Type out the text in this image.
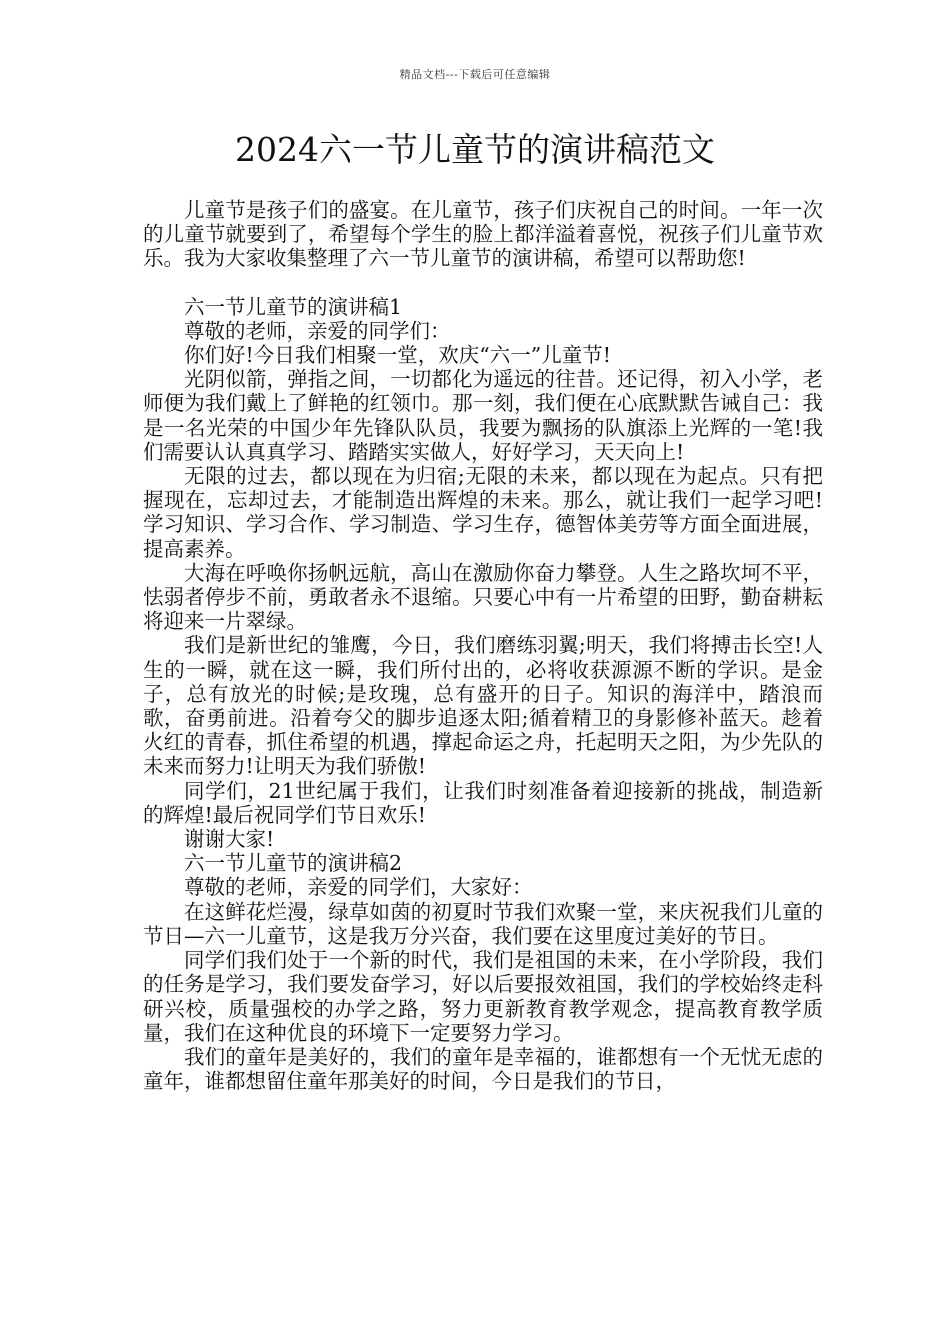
精品文档---下载后可任意编辑
2024六一节儿童节的演讲稿范文

儿童节是孩子们的盛宴。在儿童节，孩子们庆祝自己的时间。一年一次的儿童节就要到了，希望每个学生的脸上都洋溢着喜悦，祝孩子们儿童节欢乐。我为大家收集整理了六一节儿童节的演讲稿，希望可以帮助您!

六一节儿童节的演讲稿1

尊敬的老师，亲爱的同学们：

你们好!今日我们相聚一堂，欢庆“六一”儿童节!

光阴似箭，弹指之间，一切都化为遥远的往昔。还记得，初入小学，老师便为我们戴上了鲜艳的红领巾。那一刻，我们便在心底默默告诫自己：我是一名光荣的中国少年先锋队队员，我要为飘扬的队旗添上光辉的一笔!我们需要认认真真学习、踏踏实实做人，好好学习，天天向上!

无限的过去，都以现在为归宿;无限的未来，都以现在为起点。只有把握现在，忘却过去，才能制造出辉煌的未来。那么，就让我们一起学习吧!学习知识、学习合作、学习制造、学习生存，德智体美劳等方面全面进展，提高素养。

大海在呼唤你扬帆远航，高山在激励你奋力攀登。人生之路坎坷不平，怯弱者停步不前，勇敢者永不退缩。只要心中有一片希望的田野，勤奋耕耘将迎来一片翠绿。

我们是新世纪的雏鹰，今日，我们磨练羽翼;明天，我们将搏击长空!人生的一瞬，就在这一瞬，我们所付出的，必将收获源源不断的学识。是金子，总有放光的时候;是玫瑰，总有盛开的日子。知识的海洋中，踏浪而歌，奋勇前进。沿着夸父的脚步追逐太阳;循着精卫的身影修补蓝天。趁着火红的青春，抓住希望的机遇，撑起命运之舟，托起明天之阳，为少先队的未来而努力!让明天为我们骄傲!

同学们，21世纪属于我们，让我们时刻准备着迎接新的挑战，制造新的辉煌!最后祝同学们节日欢乐!

谢谢大家!

六一节儿童节的演讲稿2

尊敬的老师，亲爱的同学们，大家好：

在这鲜花烂漫，绿草如茵的初夏时节我们欢聚一堂，来庆祝我们儿童的节日—六一儿童节，这是我万分兴奋，我们要在这里度过美好的节日。

同学们我们处于一个新的时代，我们是祖国的未来，在小学阶段，我们的任务是学习，我们要发奋学习，好以后要报效祖国，我们的学校始终走科研兴校，质量强校的办学之路，努力更新教育教学观念，提高教育教学质量，我们在这种优良的环境下一定要努力学习。

我们的童年是美好的，我们的童年是幸福的，谁都想有一个无忧无虑的童年，谁都想留住童年那美好的时间，今日是我们的节日，
